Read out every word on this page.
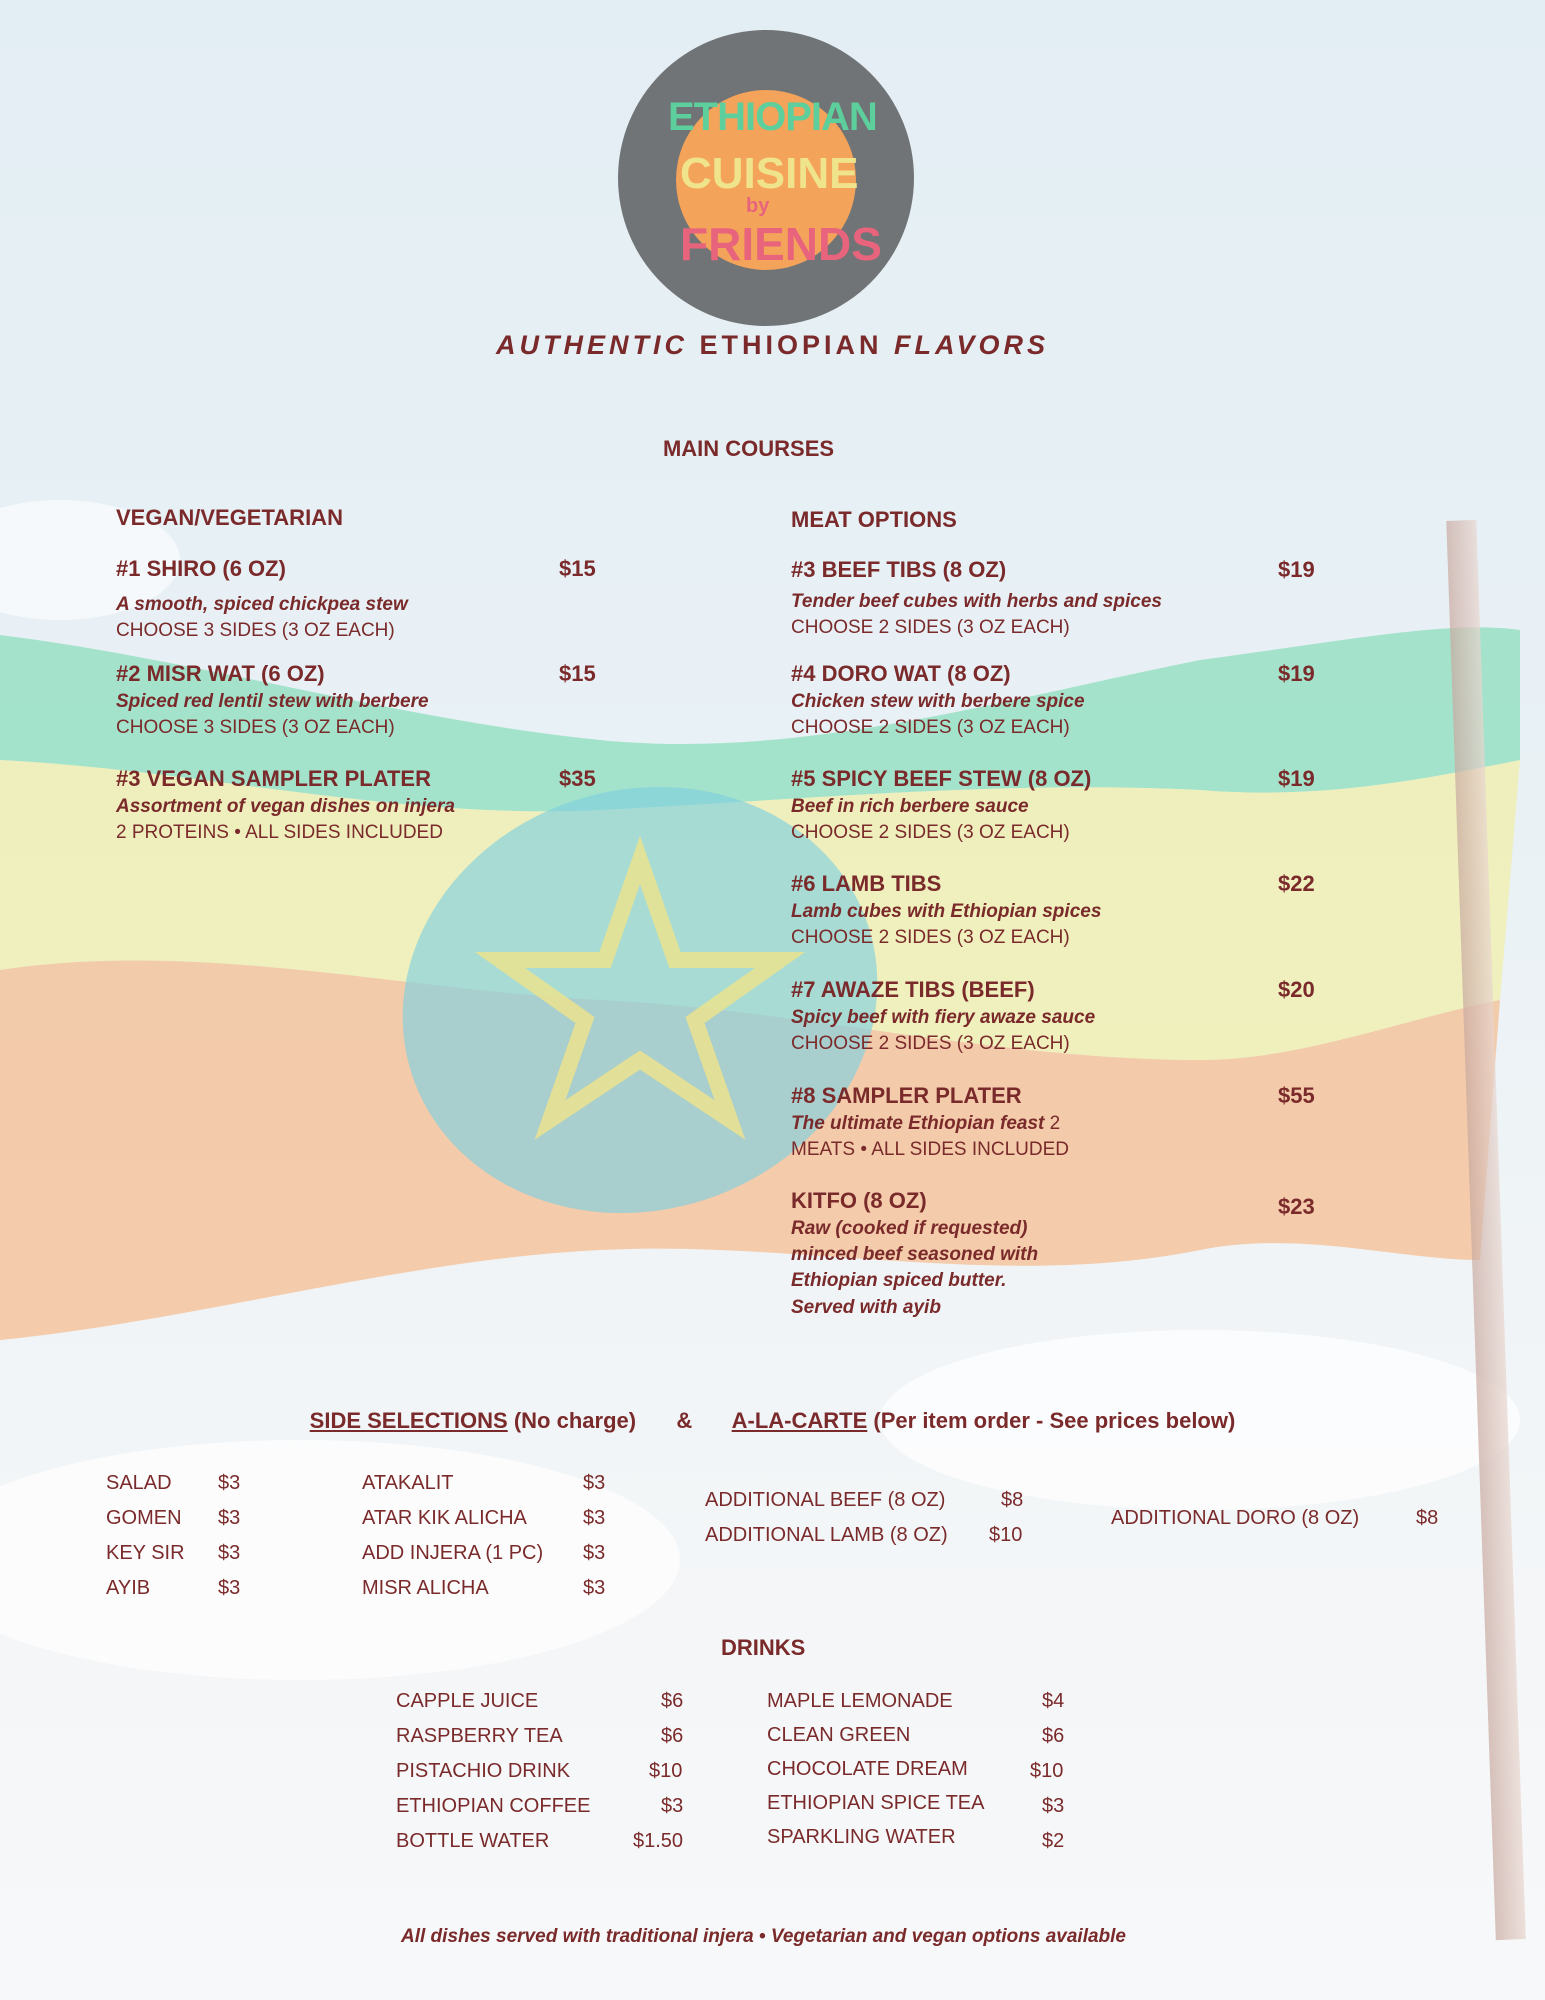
ETHIOPIAN
CUISINE
by
FRIENDS
AUTHENTIC ETHIOPIAN FLAVORS
MAIN COURSES
VEGAN/VEGETARIAN
#1 SHIRO (6 OZ)	$15
A smooth, spiced chickpea stew
CHOOSE 3 SIDES (3 OZ EACH)
#2 MISR WAT (6 OZ)	$15
Spiced red lentil stew with berbere
CHOOSE 3 SIDES (3 OZ EACH)
#3 VEGAN SAMPLER PLATER	$35
Assortment of vegan dishes on injera
2 PROTEINS • ALL SIDES INCLUDED
MEAT OPTIONS
#3 BEEF TIBS (8 OZ)	$19
Tender beef cubes with herbs and spices
CHOOSE 2 SIDES (3 OZ EACH)
#4 DORO WAT (8 OZ)	$19
Chicken stew with berbere spice
CHOOSE 2 SIDES (3 OZ EACH)
#5 SPICY BEEF STEW (8 OZ)	$19
Beef in rich berbere sauce
CHOOSE 2 SIDES (3 OZ EACH)
#6 LAMB TIBS	$22
Lamb cubes with Ethiopian spices
CHOOSE 2 SIDES (3 OZ EACH)
#7 AWAZE TIBS (BEEF)	$20
Spicy beef with fiery awaze sauce
CHOOSE 2 SIDES (3 OZ EACH)
#8 SAMPLER PLATER	$55
The ultimate Ethiopian feast 2
MEATS • ALL SIDES INCLUDED
KITFO (8 OZ)	$23
Raw (cooked if requested)
minced beef seasoned with
Ethiopian spiced butter.
Served with ayib
SIDE SELECTIONS (No charge) & A-LA-CARTE (Per item order - See prices below)
SALAD $3
GOMEN $3
KEY SIR $3
AYIB	$3
ATAKALIT	$3
ATAR KIK ALICHA	$3
ADD INJERA (1 PC) $3
MISR ALICHA	$3
ADDITIONAL BEEF (8 OZ)	$8
ADDITIONAL LAMB (8 OZ) $10
ADDITIONAL DORO (8 OZ)	$8
DRINKS
CAPPLE JUICE	$6
RASPBERRY TEA	$6
PISTACHIO DRINK	$10
ETHIOPIAN COFFEE	$3
BOTTLE WATER	$1.50
MAPLE LEMONADE	$4
CLEAN GREEN	$6
CHOCOLATE DREAM	$10
ETHIOPIAN SPICE TEA	$3
SPARKLING WATER	$2
All dishes served with traditional injera • Vegetarian and vegan options available
